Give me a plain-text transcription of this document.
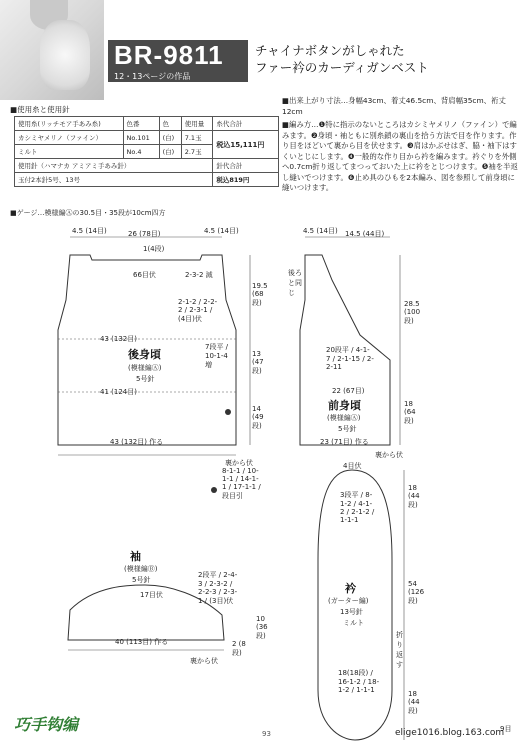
BR-9811
12・13ページの作品
チャイナボタンがしゃれた
ファー衿のカーディガンベスト
■使用糸と使用針
使用糸(リッチモア手あみ糸)	色番	色	使用量	糸代合計
カシミヤメリノ（ファイン）	No.101	(白)	7.1玉	税込15,111円
ミルト	No.4	(白)	2.7玉	
使用針（ハマナカ アミアミ手あみ針）				針代合計
玉付2本針5号、13号				税込819円
■ゲージ…模様編Ⓐの30.5目・35段が10cm四方
■出来上がり寸法…身幅43cm、着丈46.5cm、背肩幅35cm、裄丈12cm
■編み方…❶特に指示のないところはカシミヤメリノ（ファイン）で編みます。❷身頃・袖ともに別糸鎖の裏山を拾う方法で目を作ります。作り目をほどいて裏から目を伏せます。❸肩はかぶせはぎ、脇・袖下はすくいとじにします。❹一般的な作り目から衿を編みます。衿ぐりを外側へ0.7cm折り返してまつっておいた上に衿をとじつけます。❺袖を半返し縫いでつけます。❻止め具のひもを2本編み、図を参照して前身頃に縫いつけます。
4.5 (14目)	26 (78目)	4.5 (14目)
1(4段)
66目伏	2-3-2 減
2-1-2 / 2-2-2 / 2-3-1 / (4目)伏
7段平 / 10-1-4 増
43 (132目)
後身頃
(模様編Ⓐ)
5号針
41 (124目)
43 (132目) 作る
裏から伏
19.5 (68段)
13 (47段)
14 (49段)
4.5 (14目) 14.5 (44目)
後ろと同じ
20段平 / 4-1-7 / 2-1-15 / 2-2-11
22 (67目)
前身頃
(模様編Ⓐ)
5号針
23 (71目) 作る
裏から伏
28.5 (100段)
18 (64段)
8-1-1 / 10-1-1 / 14-1-1 / 17-1-1 / 段目引
袖
(模様編Ⓑ)
5号針
17目伏
2段平 / 2-4-3 / 2-3-2 / 2-2-3 / 2-3-1 / (3目)伏
40 (113目) 作る
10 (36段)
2 (8段)
裏から伏
4目伏
3段平 / 8-1-2 / 4-1-2 / 2-1-2 / 1-1-1
衿
(ガーター編)
13号針
ミルト
18(18段) / 16-1-2 / 18-1-2 / 1-1-1
18 (44段)
54 (126段)
18 (44段)
折り返す
9目
巧手钩编	93	elige1016.blog.163.com
